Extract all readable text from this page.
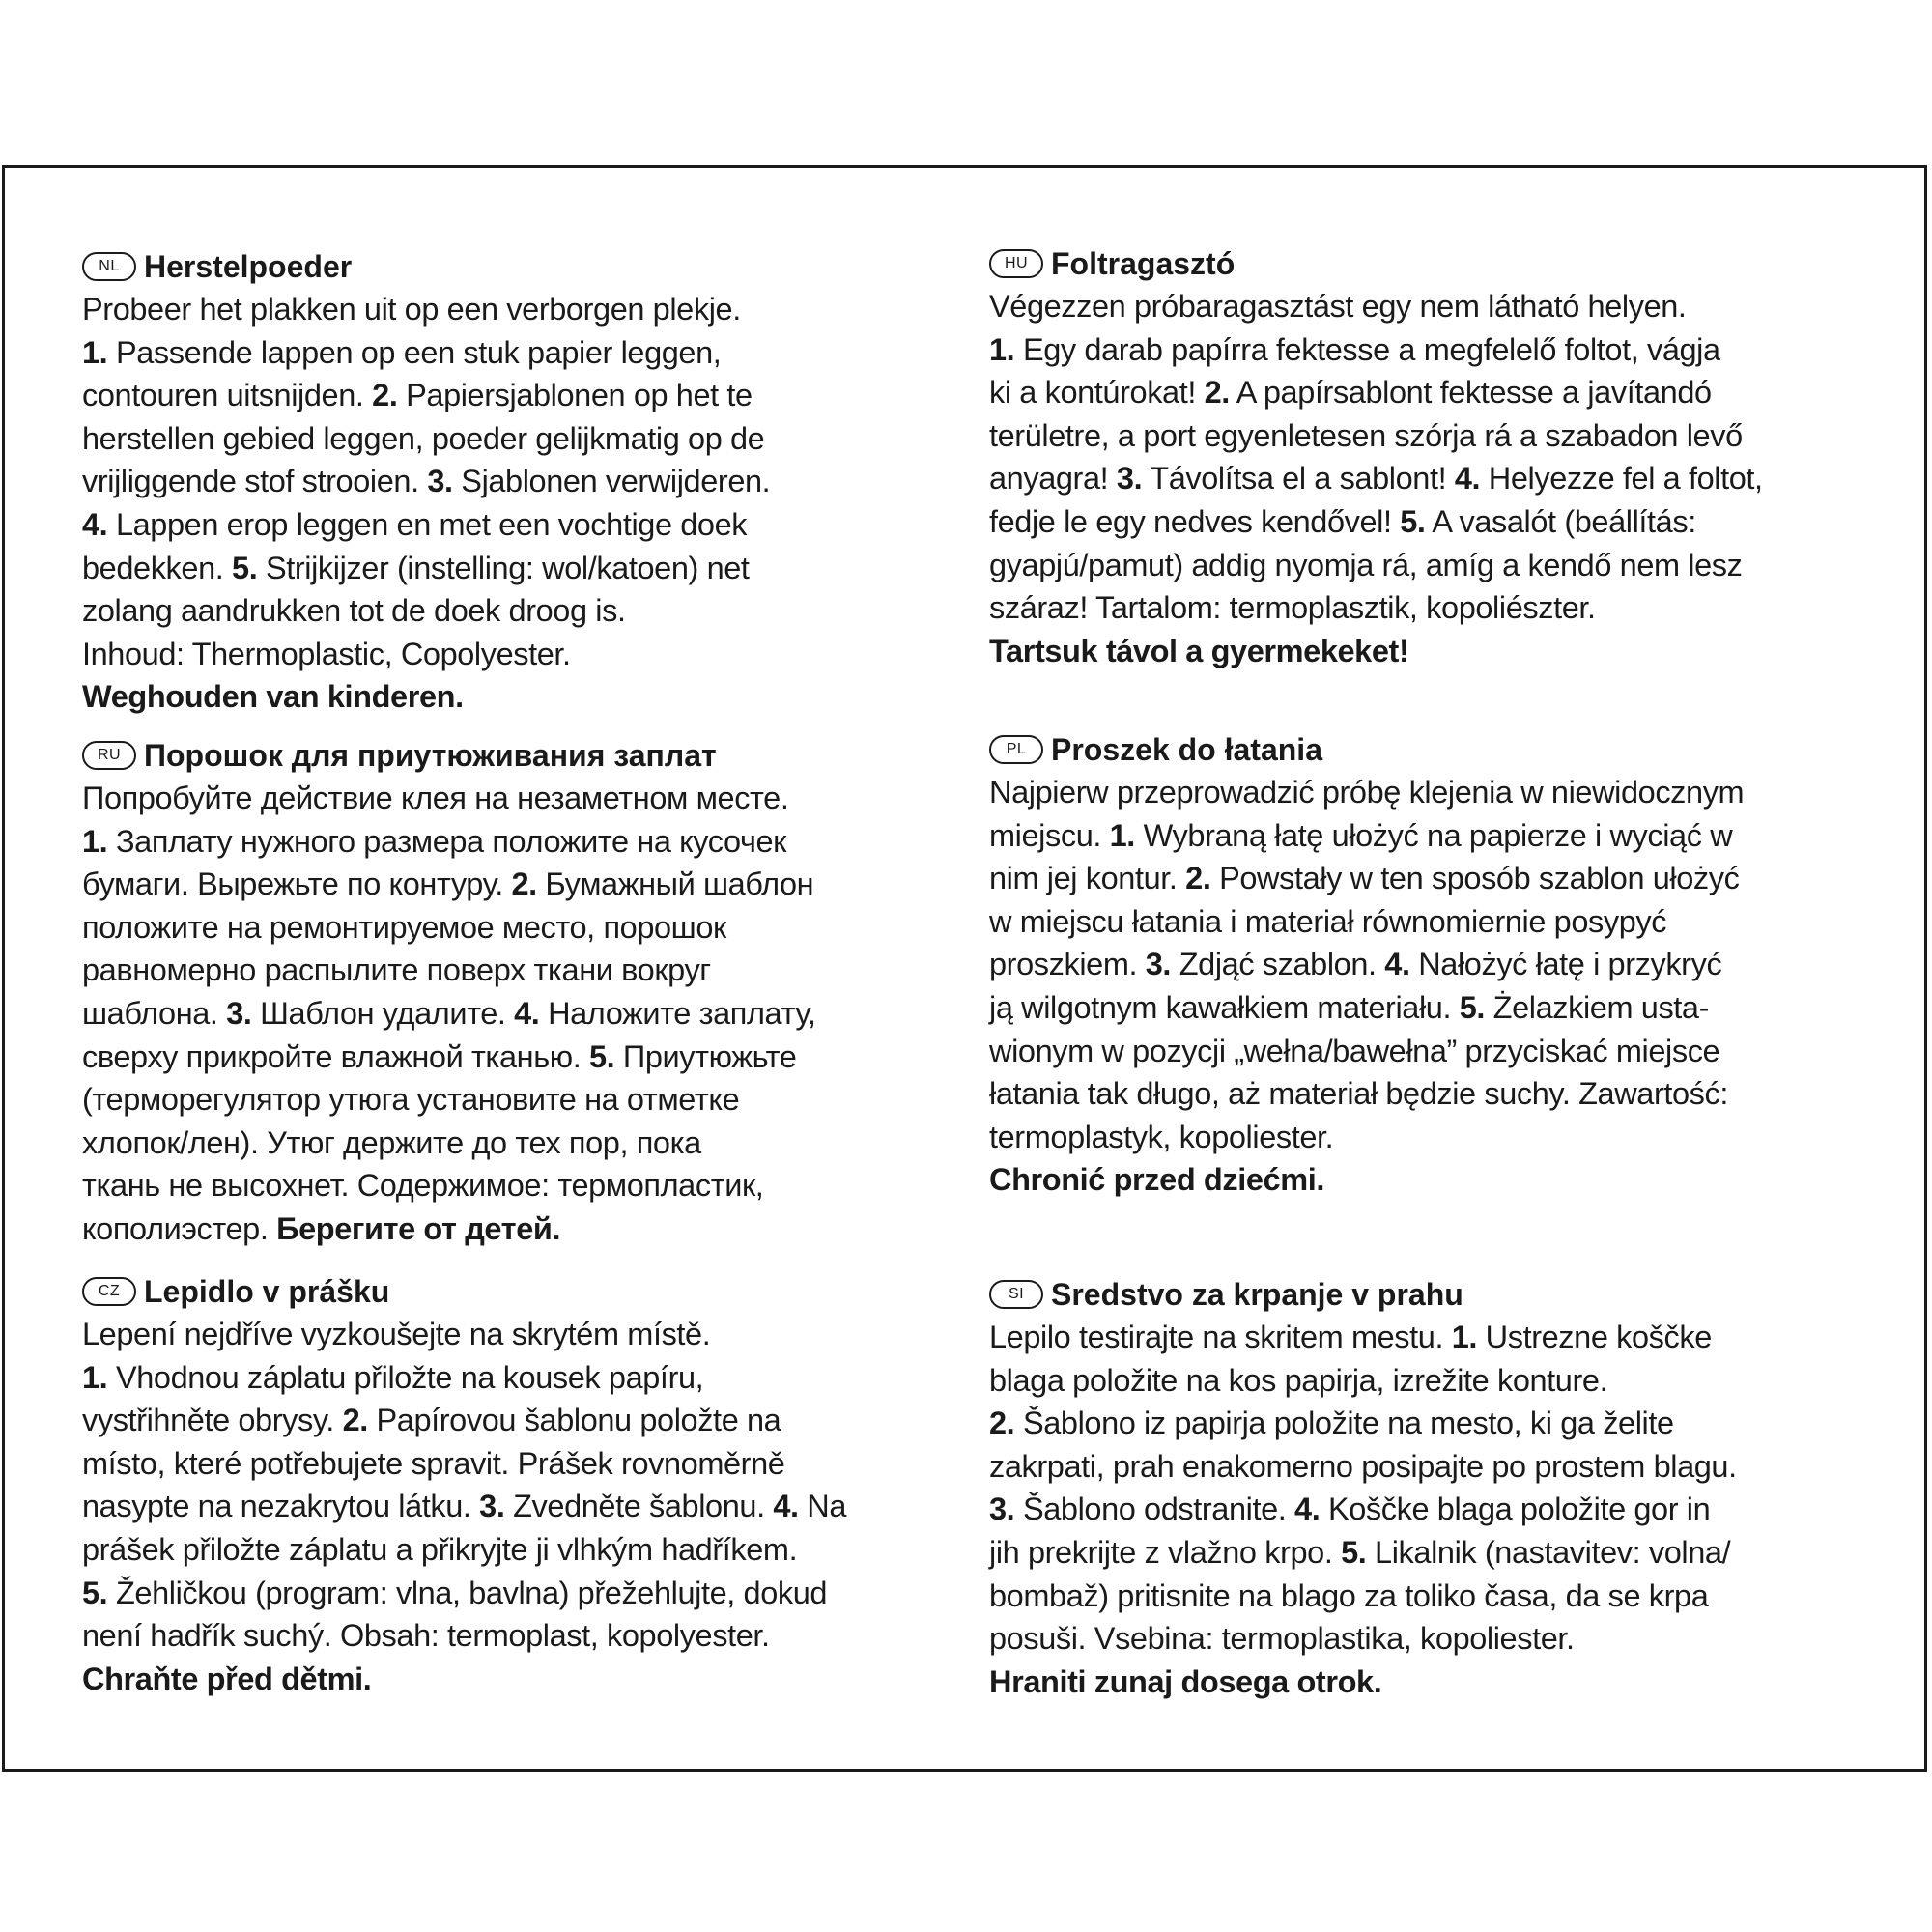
NL Herstelpoeder
Probeer het plakken uit op een verborgen plekje.
1. Passende lappen op een stuk papier leggen,
contouren uitsnijden. 2. Papiersjablonen op het te
herstellen gebied leggen, poeder gelijkmatig op de
vrijliggende stof strooien. 3. Sjablonen verwijderen.
4. Lappen erop leggen en met een vochtige doek
bedekken. 5. Strijkijzer (instelling: wol/katoen) net
zolang aandrukken tot de doek droog is.
Inhoud: Thermoplastic, Copolyester.
Weghouden van kinderen.
RU Порошок для приутюживания заплат
Попробуйте действие клея на незаметном месте.
1. Заплату нужного размера положите на кусочек
бумаги. Вырежьте по контуру. 2. Бумажный шаблон
положите на ремонтируемое место, порошок
равномерно распылите поверх ткани вокруг
шаблона. 3. Шаблон удалите. 4. Наложите заплату,
сверху прикройте влажной тканью. 5. Приутюжьте
(терморегулятор утюга установите на отметке
хлопок/лен). Утюг держите до тех пор, пока
ткань не высохнет. Содержимое: термопластик,
кополиэстер. Берегите от детей.
CZ Lepidlo v prášku
Lepení nejdříve vyzkoušejte na skrytém místě.
1. Vhodnou záplatu přiložte na kousek papíru,
vystřihněte obrysy. 2. Papírovou šablonu položte na
místo, které potřebujete spravit. Prášek rovnoměrně
nasypte na nezakrytou látku. 3. Zvedněte šablonu. 4. Na
prášek přiložte záplatu a přikryjte ji vlhkým hadříkem.
5. Žehličkou (program: vlna, bavlna) přežehlujte, dokud
není hadřík suchý. Obsah: termoplast, kopolyester.
Chraňte před dětmi.
HU Foltragasztó
Végezzen próbaragasztást egy nem látható helyen.
1. Egy darab papírra fektesse a megfelelő foltot, vágja
ki a kontúrokat! 2. A papírsablont fektesse a javítandó
területre, a port egyenletesen szórja rá a szabadon levő
anyagra! 3. Távolítsa el a sablont! 4. Helyezze fel a foltot,
fedje le egy nedves kendővel! 5. A vasalót (beállítás:
gyapjú/pamut) addig nyomja rá, amíg a kendő nem lesz
száraz! Tartalom: termoplasztik, kopoliészter.
Tartsuk távol a gyermekeket!
PL Proszek do łatania
Najpierw przeprowadzić próbę klejenia w niewidocznym
miejscu. 1. Wybraną łatę ułożyć na papierze i wyciąć w
nim jej kontur. 2. Powstały w ten sposób szablon ułożyć
w miejscu łatania i materiał równomiernie posypyć
proszkiem. 3. Zdjąć szablon. 4. Nałożyć łatę i przykryć
ją wilgotnym kawałkiem materiału. 5. Żelazkiem usta-
wionym w pozycji „wełna/bawełna” przyciskać miejsce
łatania tak długo, aż materiał będzie suchy. Zawartość:
termoplastyk, kopoliester.
Chronić przed dziećmi.
SI Sredstvo za krpanje v prahu
Lepilo testirajte na skritem mestu. 1. Ustrezne koščke
blaga položite na kos papirja, izrežite konture.
2. Šablono iz papirja položite na mesto, ki ga želite
zakrpati, prah enakomerno posipajte po prostem blagu.
3. Šablono odstranite. 4. Koščke blaga položite gor in
jih prekrijte z vlažno krpo. 5. Likalnik (nastavitev: volna/
bombaž) pritisnite na blago za toliko časa, da se krpa
posuši. Vsebina: termoplastika, kopoliester.
Hraniti zunaj dosega otrok.
